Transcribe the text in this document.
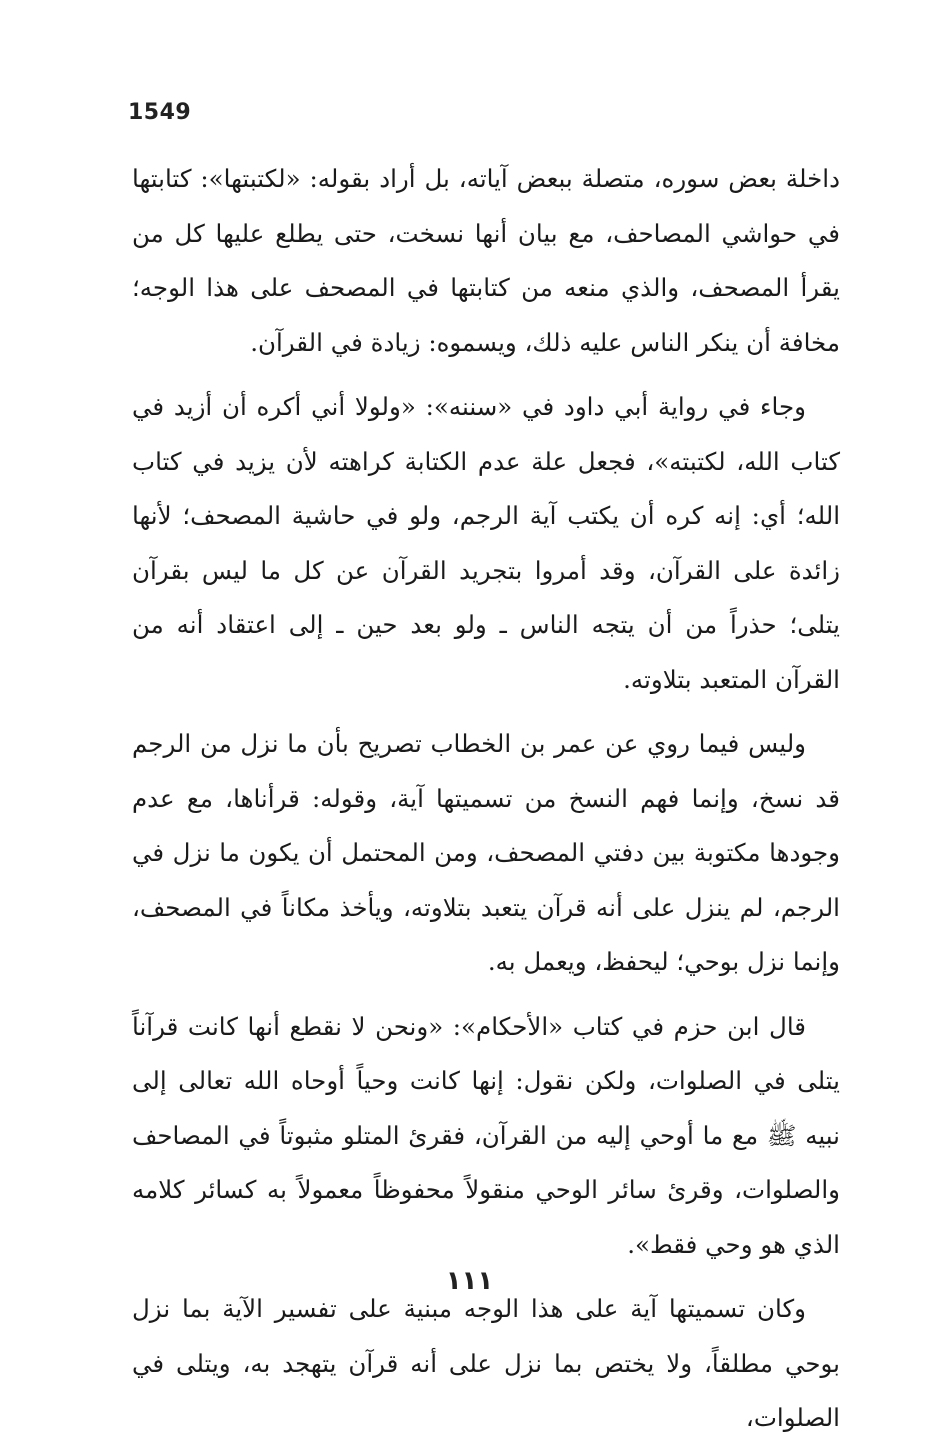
1549

داخلة بعض سوره، متصلة ببعض آياته، بل أراد بقوله: «لكتبتها»: كتابتها في حواشي المصاحف، مع بيان أنها نسخت، حتى يطلع عليها كل من يقرأ المصحف، والذي منعه من كتابتها في المصحف على هذا الوجه؛ مخافة أن ينكر الناس عليه ذلك، ويسموه: زيادة في القرآن.

وجاء في رواية أبي داود في «سننه»: «ولولا أني أكره أن أزيد في كتاب الله، لكتبته»، فجعل علة عدم الكتابة كراهته لأن يزيد في كتاب الله؛ أي: إنه كره أن يكتب آية الرجم، ولو في حاشية المصحف؛ لأنها زائدة على القرآن، وقد أمروا بتجريد القرآن عن كل ما ليس بقرآن يتلى؛ حذراً من أن يتجه الناس ـ ولو بعد حين ـ إلى اعتقاد أنه من القرآن المتعبد بتلاوته.

وليس فيما روي عن عمر بن الخطاب تصريح بأن ما نزل من الرجم قد نسخ، وإنما فهم النسخ من تسميتها آية، وقوله: قرأناها، مع عدم وجودها مكتوبة بين دفتي المصحف، ومن المحتمل أن يكون ما نزل في الرجم، لم ينزل على أنه قرآن يتعبد بتلاوته، ويأخذ مكاناً في المصحف، وإنما نزل بوحي؛ ليحفظ، ويعمل به.

قال ابن حزم في كتاب «الأحكام»: «ونحن لا نقطع أنها كانت قرآناً يتلى في الصلوات، ولكن نقول: إنها كانت وحياً أوحاه الله تعالى إلى نبيه ﷺ مع ما أوحي إليه من القرآن، فقرئ المتلو مثبوتاً في المصاحف والصلوات، وقرئ سائر الوحي منقولاً محفوظاً معمولاً به كسائر كلامه الذي هو وحي فقط».

وكان تسميتها آية على هذا الوجه مبنية على تفسير الآية بما نزل بوحي مطلقاً، ولا يختص بما نزل على أنه قرآن يتهجد به، ويتلى في الصلوات،

١١١
